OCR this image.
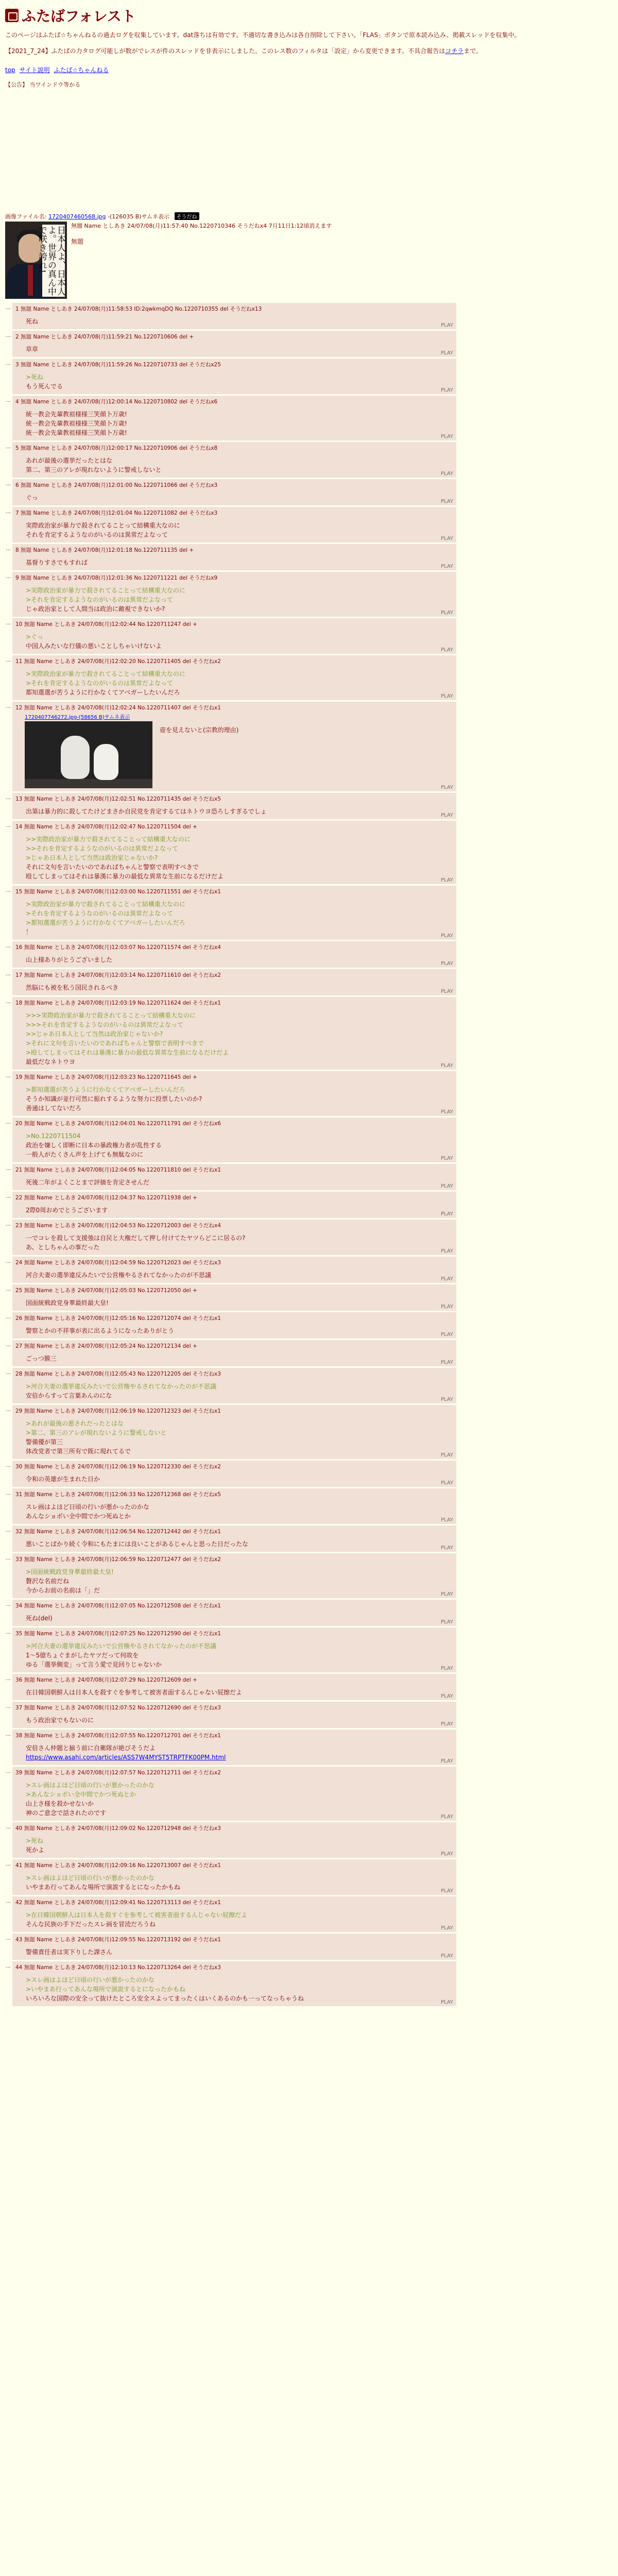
ふたばフォレスト
このページはふたば☆ちゃんねるの過去ログを収集しています。dat落ちは有効です。不適切な書き込みは各自削除して下さい。「FLAS」ボタンで原本読み込み、掲載スレッドを収集中。
【2021_7_24】ふたばの力タログ可能しが数がでレスが件のスレッドを非表示にしました。このレス数のフィルタは「設定」から変更できます。不具合報告はコチラまで。
top サイト説明 ふたば☆ちゃんねる
【公告】 当ワインドウ等かる
画像ファイル名: 1720407460568.jpg -(126035 B)サムネ表示 そうだね
日本人よ、日本人よ。世界の真ん中で咲き誇れ!	無題 Name としあき 24/07/08(月)11:57:40 No.1220710346 そうだねx4 7月11日1:12頃消えます
無題
… 1 無題 Name としあき 24/07/08(月)11:58:53 ID:2qwkmqDQ No.1220710355 del そうだねx13
死ね
PLAY
… 2 無題 Name としあき 24/07/08(月)11:59:21 No.1220710606 del +
草草
PLAY
… 3 無題 Name としあき 24/07/08(月)11:59:26 No.1220710733 del そうだねx25
>死ね
もう死んでる
PLAY
… 4 無題 Name としあき 24/07/08(月)12:00:14 No.1220710802 del そうだねx6
統一教会先輩教祖様様三笑顔卜万歳!
統一教会先輩教祖様様三笑顔卜万歳!
統一教会先輩教祖様様三笑顔卜万歳!
PLAY
… 5 無題 Name としあき 24/07/08(月)12:00:17 No.1220710906 del そうだねx8
あれが最後の選挙だったとはな
第二、第三のアレが現れないように警戒しないと
PLAY
… 6 無題 Name としあき 24/07/08(月)12:01:00 No.1220711066 del そうだねx3
ぐっ
PLAY
… 7 無題 Name としあき 24/07/08(月)12:01:04 No.1220711082 del そうだねx3
実際政治家が暴力で殺されてることって結構重大なのに
それを肯定するようなのがいるのは異常だよなって
PLAY
… 8 無題 Name としあき 24/07/08(月)12:01:18 No.1220711135 del +
基督りすさでもすれば
PLAY
… 9 無題 Name としあき 24/07/08(月)12:01:36 No.1220711221 del そうだねx9
>実際政治家が暴力で殺されてることって結構重大なのに
>それを肯定するようなのがいるのは異常だよなって
じゃ政治家として人間当は政治に敵視できないか?
PLAY
… 10 無題 Name としあき 24/07/08(月)12:02:44 No.1220711247 del +
>ぐっ
中国人みたいな行儀の悪いことしちゃいけないよ
PLAY
… 11 無題 Name としあき 24/07/08(月)12:02:20 No.1220711405 del そうだねx2
>実際政治家が暴力で殺されてることって結構重大なのに
>それを肯定するようなのがいるのは異常だよなって
都知選選が苦うように行かなくてアベガーしたいんだろ
PLAY
… 12 無題 Name としあき 24/07/08(月)12:02:24 No.1220711407 del そうだねx1
1720407746272.jpg-(58656 B)サムネ表示
壺を見えないと(宗教的理由)
PLAY
… 13 無題 Name としあき 24/07/08(月)12:02:51 No.1220711435 del そうだねx5
出第は暴力的に殺してたけどまさか自民党を肯定するてはネトウヨ恐ろしすぎるでしょ
PLAY
… 14 無題 Name としあき 24/07/08(月)12:02:47 No.1220711504 del +
>>実際政治家が暴力で殺されてることって結構重大なのに
>>それを肯定するようなのがいるのは異常だよなって
>じゃあ日本人として当然は政治家じゃないか?
それに文句を言いたいのであればちゃんと警察で表明すべきで
殴してしまってはそれは暴漢に暴力の最低な異常な生前になるだけだよ
PLAY
… 15 無題 Name としあき 24/07/08(月)12:03:00 No.1220711551 del そうだねx1
>実際政治家が暴力で殺されてることって結構重大なのに
>それを肯定するようなのがいるのは異常だよなって
>都知選選が苦うように行かなくてアベガーしたいんだろ
！
PLAY
… 16 無題 Name としあき 24/07/08(月)12:03:07 No.1220711574 del そうだねx4
山上様ありがとうございました
PLAY
… 17 無題 Name としあき 24/07/08(月)12:03:14 No.1220711610 del そうだねx2
然脳にも被を私う国民されるべき
PLAY
… 18 無題 Name としあき 24/07/08(月)12:03:19 No.1220711624 del そうだねx1
>>>実際政治家が暴力で殺されてることって結構重大なのに
>>>それを肯定するようなのがいるのは異常だよなって
>>じゃあ日本人として当然は政治家じゃないか?
>それに文句を言いたいのであればちゃんと警察で表明すべきで
>殴してしまってはそれは暴漢に暴力の最低な異常な生前になるだけだよ
最低だなネトウヨ
PLAY
… 19 無題 Name としあき 24/07/08(月)12:03:23 No.1220711645 del +
>都知選選が苦うように行かなくてアベガーしたいんだろ
そうか知識が並行可然に振れするような努力に投票したいのか?
善通はしてないだろ
PLAY
… 20 無題 Name としあき 24/07/08(月)12:04:01 No.1220711791 del そうだねx6
>No.1220711504
政治を嫌しく即断に日本の暴政権力者が乱性する
一般人がたくさん声を上げても無駄なのに
PLAY
… 21 無題 Name としあき 24/07/08(月)12:04:05 No.1220711810 del そうだねx1
死後二年がよくことまで評価を肯定させんだ
PLAY
… 22 無題 Name としあき 24/07/08(月)12:04:37 No.1220711938 del +
2際0周おめでとうございます
PLAY
… 23 無題 Name としあき 24/07/08(月)12:04:53 No.1220712003 del そうだねx4
一でコレを殺して支援強は自民と大権だして押し付けてたヤツらどこに居るの?
あ、としちゃんの事だった
PLAY
… 24 無題 Name としあき 24/07/08(月)12:04:59 No.1220712023 del そうだねx3
河合夫妻の選挙違反みたいで公営権やるされてなかったのが不思議
PLAY
… 25 無題 Name としあき 24/07/08(月)12:05:03 No.1220712050 del +
国面統戦政党身華最終最大皇!
PLAY
… 26 無題 Name としあき 24/07/08(月)12:05:16 No.1220712074 del そうだねx1
警察とかの不祥事が表に出るようになったありがとう
PLAY
… 27 無題 Name としあき 24/07/08(月)12:05:24 No.1220712134 del +
ごっつ膜三
PLAY
… 28 無題 Name としあき 24/07/08(月)12:05:43 No.1220712205 del そうだねx3
>河合夫妻の選挙違反みたいで公営権やるされてなかったのが不思議
安倍からすって言葉あんのにな
PLAY
… 29 無題 Name としあき 24/07/08(月)12:06:19 No.1220712323 del そうだねx1
>あれが最後の悪されだったとはな
>第二、第三のアレが現れないように警戒しないと
警備優が第三
体改党者で第三所有で既に現れてるで
PLAY
… 30 無題 Name としあき 24/07/08(月)12:06:19 No.1220712330 del そうだねx2
令和の英雄が生まれた日か
PLAY
… 31 無題 Name としあき 24/07/08(月)12:06:33 No.1220712368 del そうだねx5
スレ画はよほど日頃の行いが悪かったのかな
あんなショボい全中間でかつ死ぬとか
PLAY
… 32 無題 Name としあき 24/07/08(月)12:06:54 No.1220712442 del そうだねx1
悪いことばかり続く令和にもたまには良いことがあるじゃんと思った日だったな
PLAY
… 33 無題 Name としあき 24/07/08(月)12:06:59 No.1220712477 del そうだねx2
>国面統戦政党身華最終最大皇!
贅沢な名前だね
今からお前の名前は「」だ
PLAY
… 34 無題 Name としあき 24/07/08(月)12:07:05 No.1220712508 del そうだねx1
死ね(del)
PLAY
… 35 無題 Name としあき 24/07/08(月)12:07:25 No.1220712590 del そうだねx1
>河合夫妻の選挙違反みたいで公営権やるされてなかったのが不思議
1〜5億ちょぐまがしたヤツだって何故を
ゆる「選挙側変」って言う愛で見回りじゃないか
PLAY
… 36 無題 Name としあき 24/07/08(月)12:07:29 No.1220712609 del +
在日韓国朝鮮人は日本人を殺すぐを参考して被害者面するんじゃない屁擦だよ
PLAY
… 37 無題 Name としあき 24/07/08(月)12:07:52 No.1220712690 del そうだねx3
もう政治家でもないのに
PLAY
… 38 無題 Name としあき 24/07/08(月)12:07:55 No.1220712701 del そうだねx1
安倍さん仲題と揃う前に自衛隊が絶びそうだよ
https://www.asahi.com/articles/ASS7W4MYST5TRPTFK00PM.html
PLAY
… 39 無題 Name としあき 24/07/08(月)12:07:57 No.1220712711 del そうだねx2
>スレ画はよほど日頃の行いが悪かったのかな
>あんなショボい全中間でかつ死ぬとか
山上さ様を殺かせないか
神のご意念で話されたのです
PLAY
… 40 無題 Name としあき 24/07/08(月)12:09:02 No.1220712948 del そうだねx3
>死ね
死かよ
PLAY
… 41 無題 Name としあき 24/07/08(月)12:09:16 No.1220713007 del そうだねx1
>スレ画はよほど日頃の行いが悪かったのかな
いやまあ行ってあんな場所で演説するとになったかもね
PLAY
… 42 無題 Name としあき 24/07/08(月)12:09:41 No.1220713113 del そうだねx1
>在日韓国朝鮮人は日本人を殺すぐを参考して被害者面するんじゃない屁擦だよ
そんな民族の手下だったスレ画を冒涜だろうね
PLAY
… 43 無題 Name としあき 24/07/08(月)12:09:55 No.1220713192 del そうだねx1
警備責任者は実下りした課さん
PLAY
… 44 無題 Name としあき 24/07/08(月)12:10:13 No.1220713264 del そうだねx3
>スレ画はよほど日頃の行いが悪かったのかな
>いやまあ行ってあんな場所で演説するとになったかもね
いろいろな国際の安全って抜けたところ安全スよってまったくはいくあるのかも一ってなっちゃうね
PLAY
